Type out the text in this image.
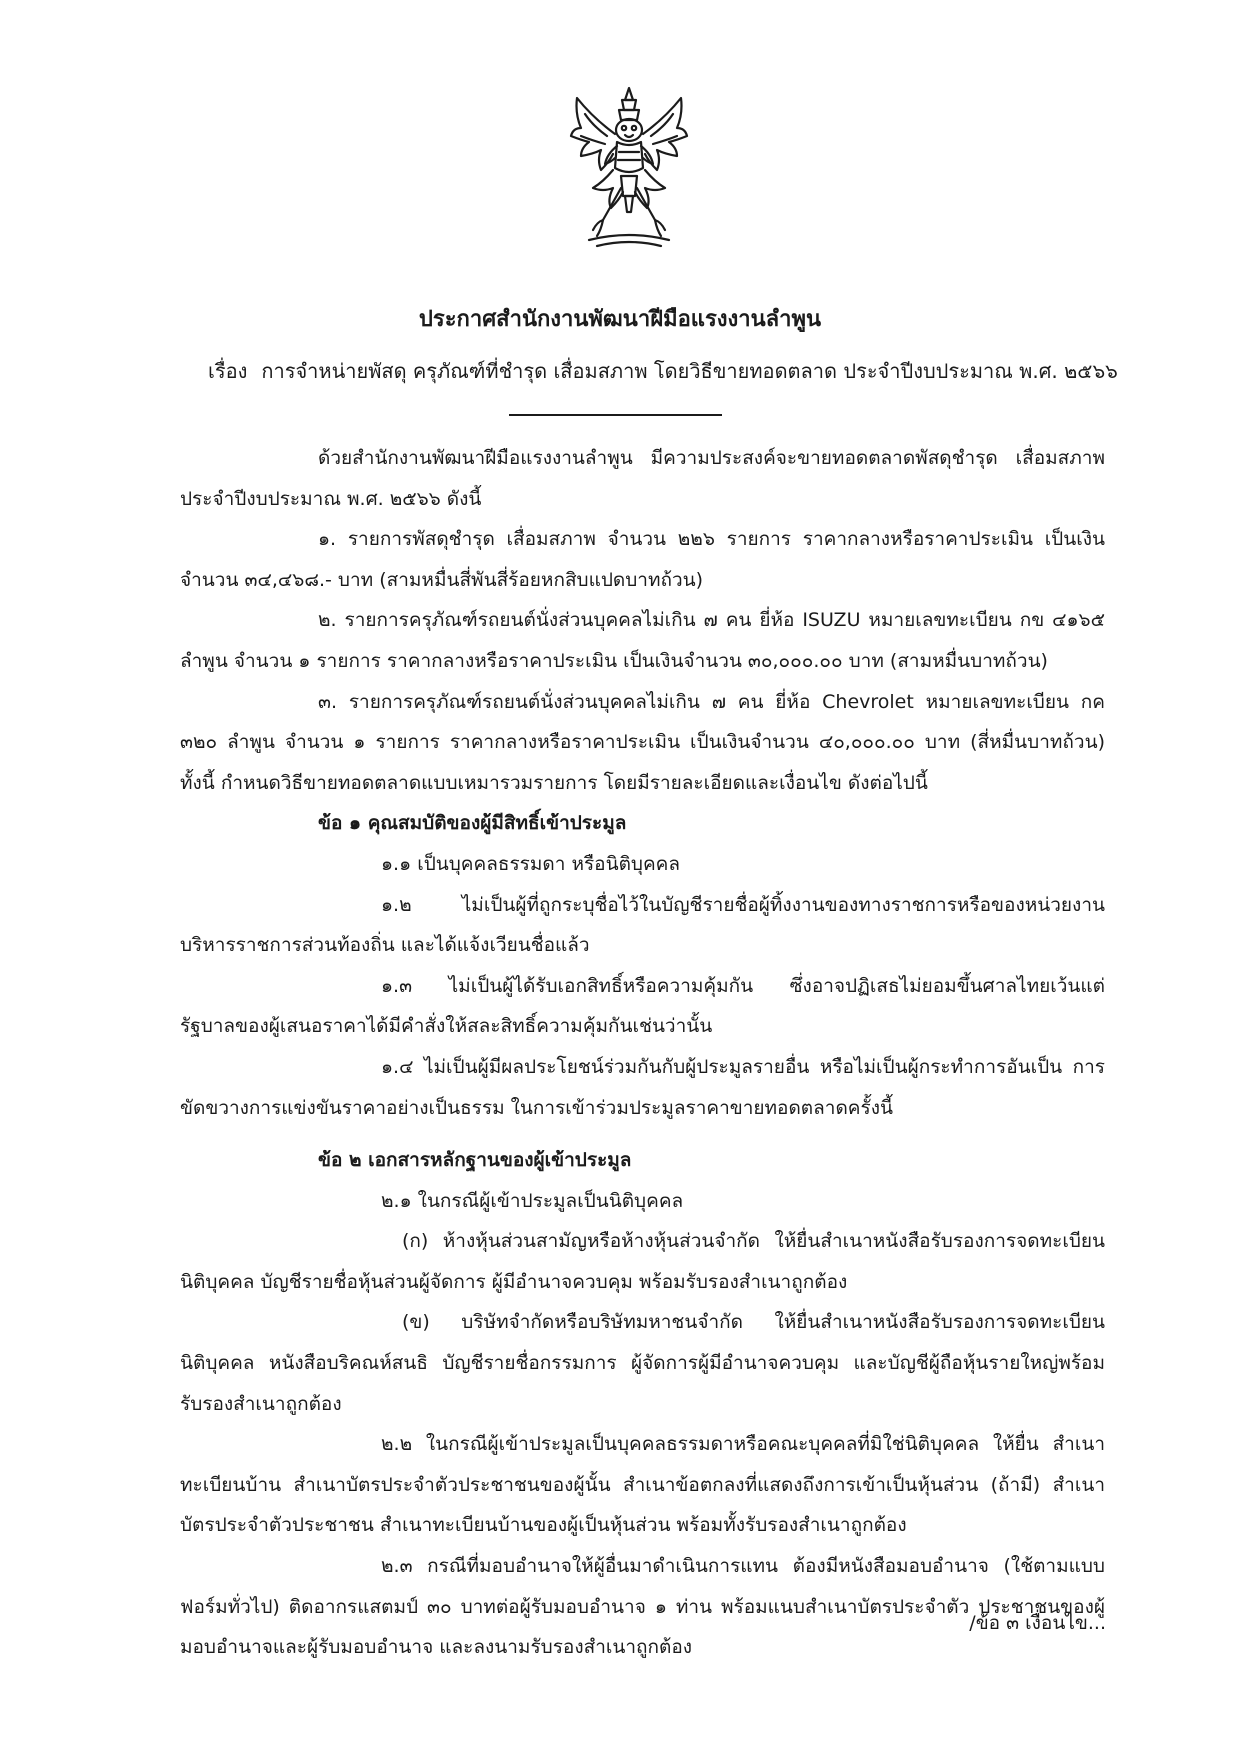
ประกาศสำนักงานพัฒนาฝีมือแรงงานลำพูน
เรื่อง การจำหน่ายพัสดุ ครุภัณฑ์ที่ชำรุด เสื่อมสภาพ โดยวิธีขายทอดตลาด ประจำปีงบประมาณ พ.ศ. ๒๕๖๖

ด้วยสำนักงานพัฒนาฝีมือแรงงานลำพูน มีความประสงค์จะขายทอดตลาดพัสดุชำรุด เสื่อมสภาพ ประจำปีงบประมาณ พ.ศ. ๒๕๖๖ ดังนี้

๑. รายการพัสดุชำรุด เสื่อมสภาพ จำนวน ๒๒๖ รายการ ราคากลางหรือราคาประเมิน เป็นเงิน จำนวน ๓๔,๔๖๘.- บาท (สามหมื่นสี่พันสี่ร้อยหกสิบแปดบาทถ้วน)

๒. รายการครุภัณฑ์รถยนต์นั่งส่วนบุคคลไม่เกิน ๗ คน ยี่ห้อ ISUZU หมายเลขทะเบียน กข ๔๑๖๕ ลำพูน จำนวน ๑ รายการ ราคากลางหรือราคาประเมิน เป็นเงินจำนวน ๓๐,๐๐๐.๐๐ บาท (สามหมื่นบาทถ้วน)

๓. รายการครุภัณฑ์รถยนต์นั่งส่วนบุคคลไม่เกิน ๗ คน ยี่ห้อ Chevrolet หมายเลขทะเบียน กค ๓๒๐ ลำพูน จำนวน ๑ รายการ ราคากลางหรือราคาประเมิน เป็นเงินจำนวน ๔๐,๐๐๐.๐๐ บาท (สี่หมื่นบาทถ้วน) ทั้งนี้ กำหนดวิธีขายทอดตลาดแบบเหมารวมรายการ โดยมีรายละเอียดและเงื่อนไข ดังต่อไปนี้

ข้อ ๑ คุณสมบัติของผู้มีสิทธิ์เข้าประมูล

๑.๑ เป็นบุคคลธรรมดา หรือนิติบุคคล

๑.๒ ไม่เป็นผู้ที่ถูกระบุชื่อไว้ในบัญชีรายชื่อผู้ทิ้งงานของทางราชการหรือของหน่วยงาน บริหารราชการส่วนท้องถิ่น และได้แจ้งเวียนชื่อแล้ว

๑.๓ ไม่เป็นผู้ได้รับเอกสิทธิ์หรือความคุ้มกัน ซึ่งอาจปฏิเสธไม่ยอมขึ้นศาลไทยเว้นแต่ รัฐบาลของผู้เสนอราคาได้มีคำสั่งให้สละสิทธิ์ความคุ้มกันเช่นว่านั้น

๑.๔ ไม่เป็นผู้มีผลประโยชน์ร่วมกันกับผู้ประมูลรายอื่น หรือไม่เป็นผู้กระทำการอันเป็น การขัดขวางการแข่งขันราคาอย่างเป็นธรรม ในการเข้าร่วมประมูลราคาขายทอดตลาดครั้งนี้

ข้อ ๒ เอกสารหลักฐานของผู้เข้าประมูล

๒.๑ ในกรณีผู้เข้าประมูลเป็นนิติบุคคล

(ก) ห้างหุ้นส่วนสามัญหรือห้างหุ้นส่วนจำกัด ให้ยื่นสำเนาหนังสือรับรองการจดทะเบียน นิติบุคคล บัญชีรายชื่อหุ้นส่วนผู้จัดการ ผู้มีอำนาจควบคุม พร้อมรับรองสำเนาถูกต้อง

(ข) บริษัทจำกัดหรือบริษัทมหาชนจำกัด ให้ยื่นสำเนาหนังสือรับรองการจดทะเบียน นิติบุคคล หนังสือบริคณห์สนธิ บัญชีรายชื่อกรรมการ ผู้จัดการผู้มีอำนาจควบคุม และบัญชีผู้ถือหุ้นรายใหญ่พร้อม รับรองสำเนาถูกต้อง

๒.๒ ในกรณีผู้เข้าประมูลเป็นบุคคลธรรมดาหรือคณะบุคคลที่มิใช่นิติบุคคล ให้ยื่น สำเนาทะเบียนบ้าน สำเนาบัตรประจำตัวประชาชนของผู้นั้น สำเนาข้อตกลงที่แสดงถึงการเข้าเป็นหุ้นส่วน (ถ้ามี) สำเนาบัตรประจำตัวประชาชน สำเนาทะเบียนบ้านของผู้เป็นหุ้นส่วน พร้อมทั้งรับรองสำเนาถูกต้อง

๒.๓ กรณีที่มอบอำนาจให้ผู้อื่นมาดำเนินการแทน ต้องมีหนังสือมอบอำนาจ (ใช้ตามแบบฟอร์มทั่วไป) ติดอากรแสตมป์ ๓๐ บาทต่อผู้รับมอบอำนาจ ๑ ท่าน พร้อมแนบสำเนาบัตรประจำตัว ประชาชนของผู้มอบอำนาจและผู้รับมอบอำนาจ และลงนามรับรองสำเนาถูกต้อง

/ข้อ ๓ เงื่อนไข...
